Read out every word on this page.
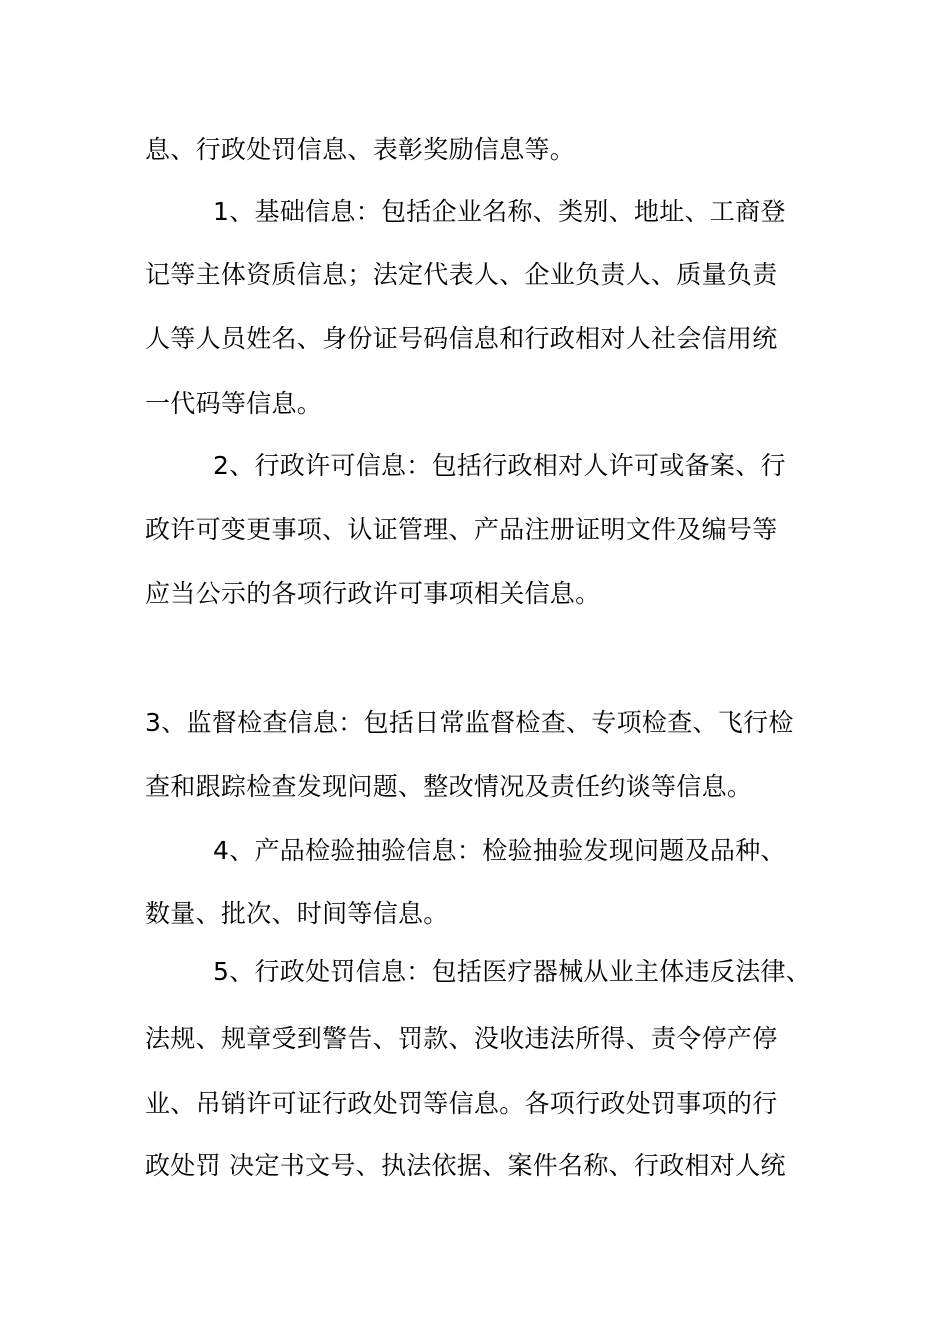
息、行政处罚信息、表彰奖励信息等。
1、基础信息：包括企业名称、类别、地址、工商登
记等主体资质信息；法定代表人、企业负责人、质量负责
人等人员姓名、身份证号码信息和行政相对人社会信用统
一代码等信息。
2、行政许可信息：包括行政相对人许可或备案、行
政许可变更事项、认证管理、产品注册证明文件及编号等
应当公示的各项行政许可事项相关信息。
3、监督检查信息：包括日常监督检查、专项检查、飞行检
查和跟踪检查发现问题、整改情况及责任约谈等信息。
4、产品检验抽验信息：检验抽验发现问题及品种、
数量、批次、时间等信息。
5、行政处罚信息：包括医疗器械从业主体违反法律、
法规、规章受到警告、罚款、没收违法所得、责令停产停
业、吊销许可证行政处罚等信息。各项行政处罚事项的行
政处罚 决定书文号、执法依据、案件名称、行政相对人统
